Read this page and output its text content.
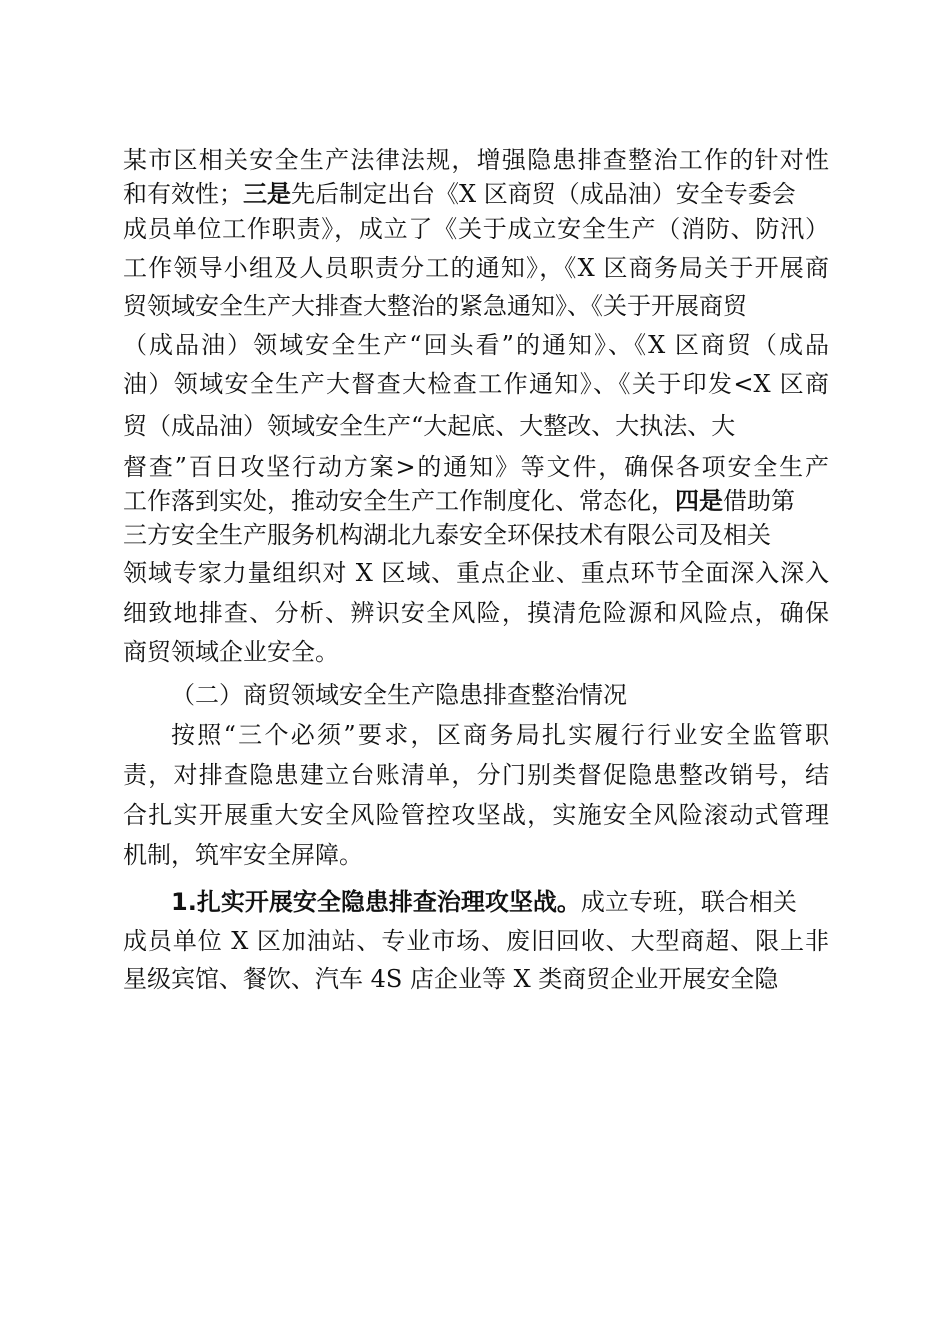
某市区相关安全生产法律法规，增强隐患排查整治工作的针对性
和有效性；三是先后制定出台《X 区商贸（成品油）安全专委会
成员单位工作职责》，成立了《关于成立安全生产（消防、防汛）
工作领导小组及人员职责分工的通知》，《X 区商务局关于开展商
贸领域安全生产大排查大整治的紧急通知》、《关于开展商贸
（成品油）领域安全生产“回头看”的通知》、《X 区商贸（成品
油）领域安全生产大督查大检查工作通知》、《关于印发<X 区商
贸（成品油）领域安全生产“大起底、大整改、大执法、大
督查”百日攻坚行动方案>的通知》等文件，确保各项安全生产
工作落到实处，推动安全生产工作制度化、常态化，四是借助第
三方安全生产服务机构湖北九泰安全环保技术有限公司及相关
领域专家力量组织对 X 区域、重点企业、重点环节全面深入深入
细致地排查、分析、辨识安全风险，摸清危险源和风险点，确保
商贸领域企业安全。
（二）商贸领域安全生产隐患排查整治情况
按照“三个必须”要求，区商务局扎实履行行业安全监管职
责，对排查隐患建立台账清单，分门别类督促隐患整改销号，结
合扎实开展重大安全风险管控攻坚战，实施安全风险滚动式管理
机制，筑牢安全屏障。
1.扎实开展安全隐患排查治理攻坚战。成立专班，联合相关
成员单位 X 区加油站、专业市场、废旧回收、大型商超、限上非
星级宾馆、餐饮、汽车 4S 店企业等 X 类商贸企业开展安全隐
